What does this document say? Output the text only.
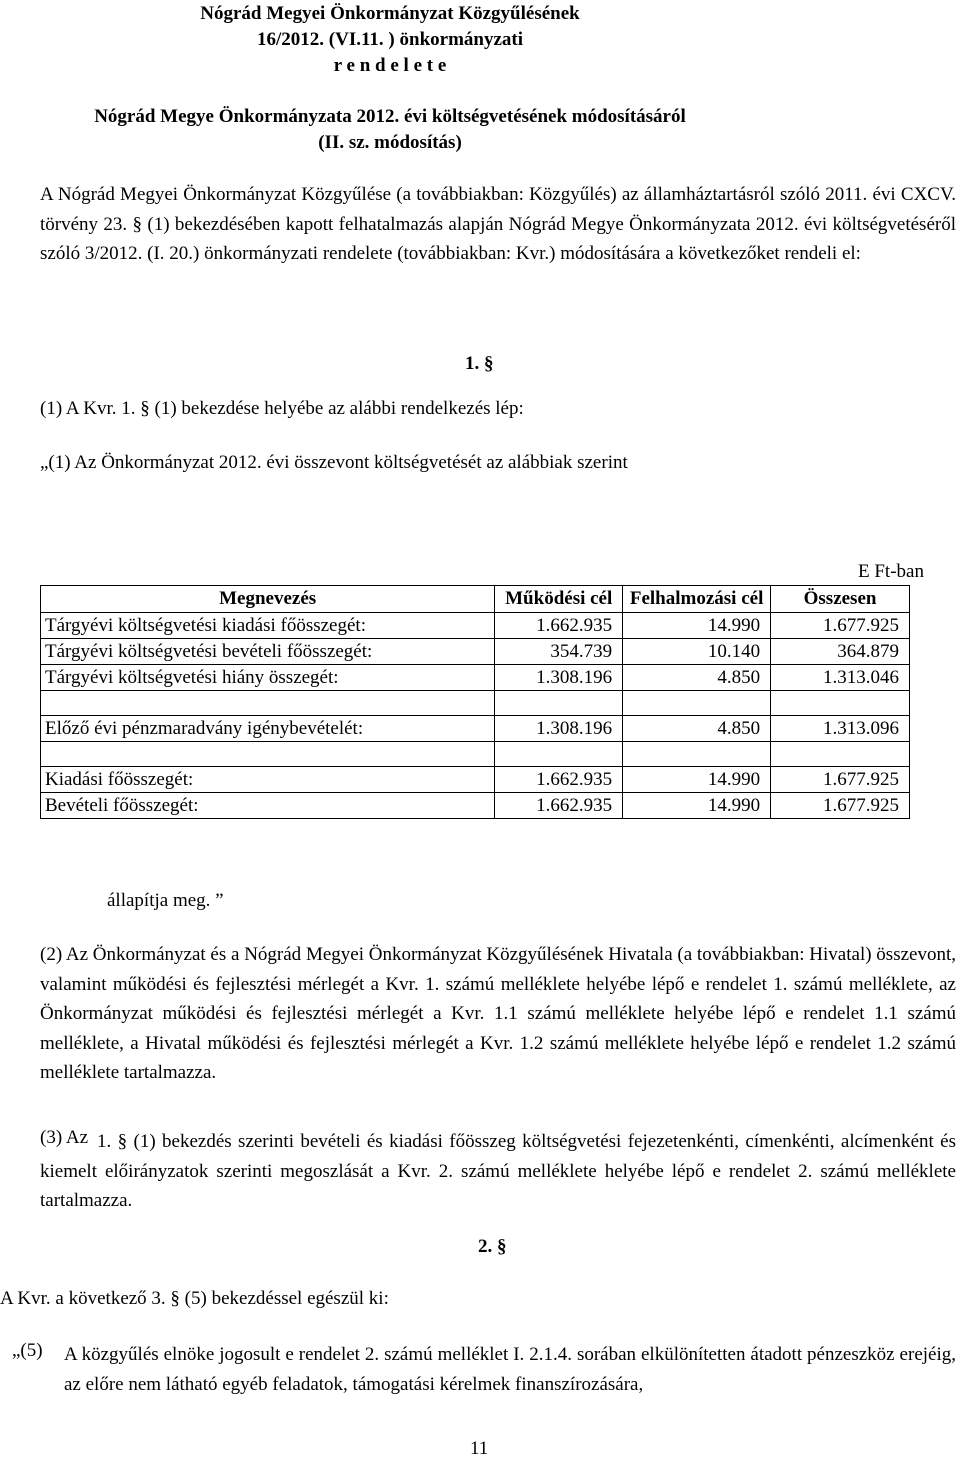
Nógrád Megyei Önkormányzat Közgyűlésének
16/2012. (VI.11. ) önkormányzati
r e n d e l e t e
Nógrád Megye Önkormányzata 2012. évi költségvetésének módosításáról
(II. sz. módosítás)
A Nógrád Megyei Önkormányzat Közgyűlése (a továbbiakban: Közgyűlés) az államháztartásról szóló 2011. évi CXCV. törvény 23. § (1) bekezdésében kapott felhatalmazás alapján Nógrád Megye Önkormányzata 2012. évi költségvetéséről szóló 3/2012. (I. 20.) önkormányzati rendelete (továbbiakban: Kvr.) módosítására a következőket rendeli el:
1. §
(1) A Kvr. 1. § (1) bekezdése helyébe az alábbi rendelkezés lép:
„(1) Az Önkormányzat 2012. évi összevont költségvetését az alábbiak szerint
E Ft-ban
Megnevezés	Működési cél	Felhalmozási cél	Összesen
Tárgyévi költségvetési kiadási főösszegét:	1.662.935	14.990	1.677.925
Tárgyévi költségvetési bevételi főösszegét:	354.739	10.140	364.879
Tárgyévi költségvetési hiány összegét:	1.308.196	4.850	1.313.046

Előző évi pénzmaradvány igénybevételét:	1.308.196	4.850	1.313.096

Kiadási főösszegét:	1.662.935	14.990	1.677.925
Bevételi főösszegét:	1.662.935	14.990	1.677.925
állapítja meg. ”
(2) Az Önkormányzat és a Nógrád Megyei Önkormányzat Közgyűlésének Hivatala (a továbbiakban: Hivatal) összevont, valamint működési és fejlesztési mérlegét a Kvr. 1. számú melléklete helyébe lépő e rendelet 1. számú melléklete, az Önkormányzat működési és fejlesztési mérlegét a Kvr. 1.1 számú melléklete helyébe lépő e rendelet 1.1 számú melléklete, a Hivatal működési és fejlesztési mérlegét a Kvr. 1.2 számú melléklete helyébe lépő e rendelet 1.2 számú melléklete tartalmazza.
(3) Az 1. § (1) bekezdés szerinti bevételi és kiadási főösszeg költségvetési fejezetenkénti, címenkénti, alcímenként és kiemelt előirányzatok szerinti megoszlását a Kvr. 2. számú melléklete helyébe lépő e rendelet 2. számú melléklete tartalmazza.
2. §
A Kvr. a következő 3. § (5) bekezdéssel egészül ki:
„(5) A közgyűlés elnöke jogosult e rendelet 2. számú melléklet I. 2.1.4. sorában elkülönítetten átadott pénzeszköz erejéig, az előre nem látható egyéb feladatok, támogatási kérelmek finanszírozására,
11
